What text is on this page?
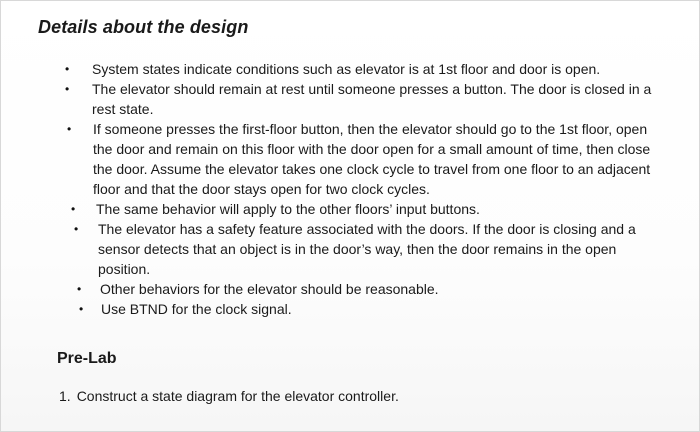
Details about the design
• System states indicate conditions such as elevator is at 1st floor and door is open.
• The elevator should remain at rest until someone presses a button. The door is closed in a rest state.
• If someone presses the first-floor button, then the elevator should go to the 1st floor, open the door and remain on this floor with the door open for a small amount of time, then close the door. Assume the elevator takes one clock cycle to travel from one floor to an adjacent floor and that the door stays open for two clock cycles.
• The same behavior will apply to the other floors’ input buttons.
• The elevator has a safety feature associated with the doors. If the door is closing and a sensor detects that an object is in the door’s way, then the door remains in the open position.
• Other behaviors for the elevator should be reasonable.
• Use BTND for the clock signal.
Pre-Lab

1. Construct a state diagram for the elevator controller.
